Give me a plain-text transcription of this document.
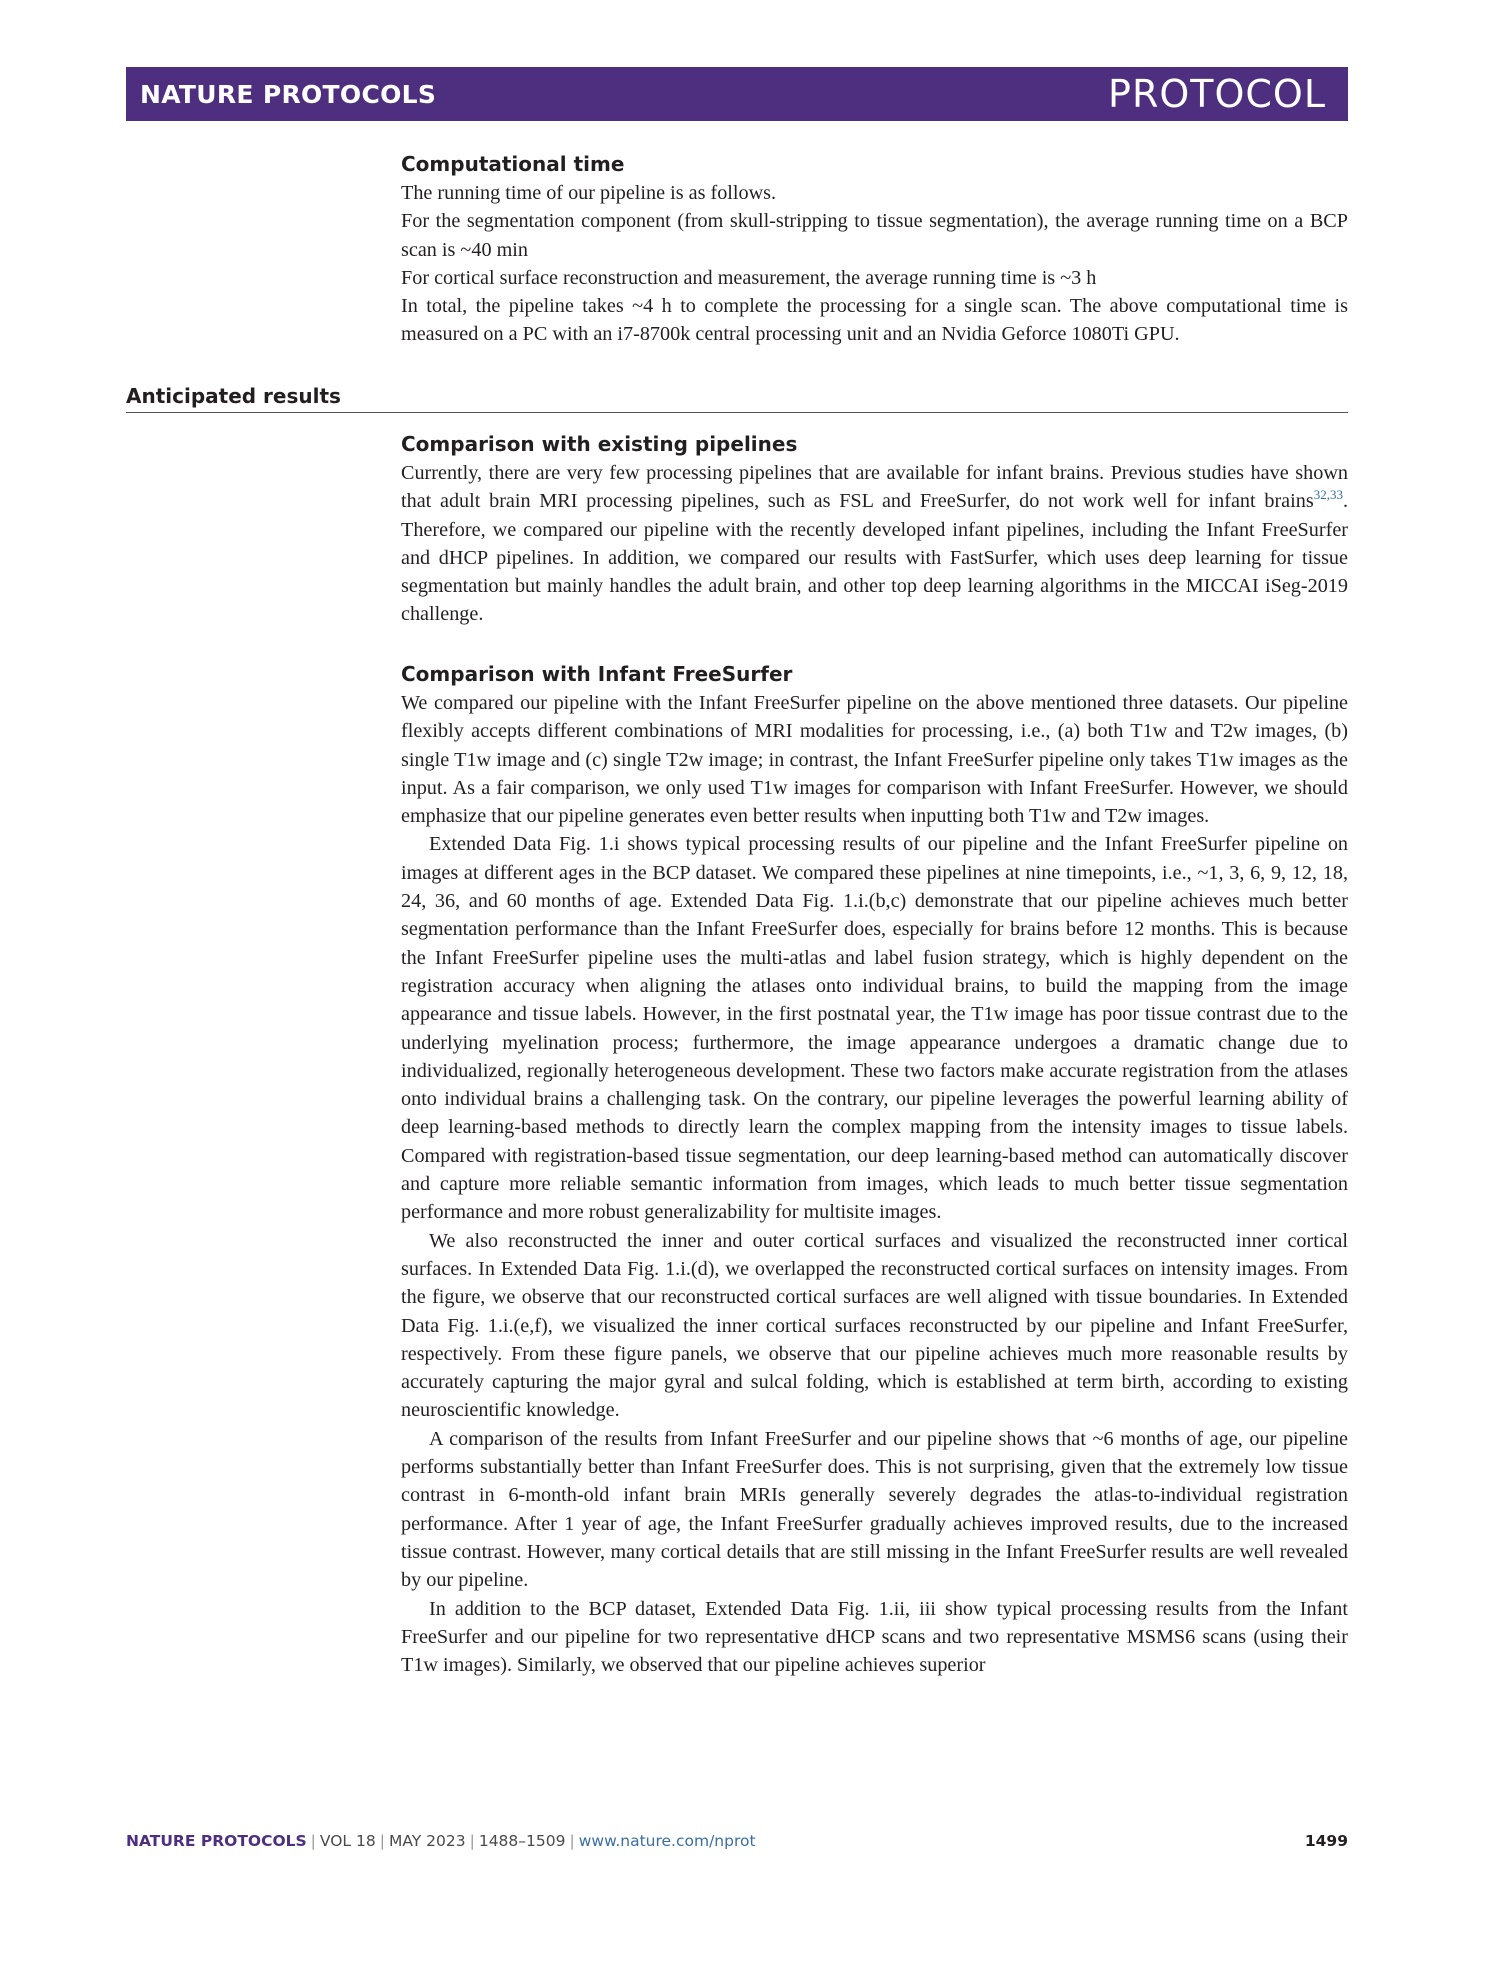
NATURE PROTOCOLS	PROTOCOL
Computational time

The running time of our pipeline is as follows.

For the segmentation component (from skull-stripping to tissue segmentation), the average running time on a BCP scan is ~40 min

For cortical surface reconstruction and measurement, the average running time is ~3 h

In total, the pipeline takes ~4 h to complete the processing for a single scan. The above computational time is measured on a PC with an i7-8700k central processing unit and an Nvidia Geforce 1080Ti GPU.

Anticipated results
Comparison with existing pipelines

Currently, there are very few processing pipelines that are available for infant brains. Previous studies have shown that adult brain MRI processing pipelines, such as FSL and FreeSurfer, do not work well for infant brains$^{32,33}$. Therefore, we compared our pipeline with the recently developed infant pipelines, including the Infant FreeSurfer and dHCP pipelines. In addition, we compared our results with FastSurfer, which uses deep learning for tissue segmentation but mainly handles the adult brain, and other top deep learning algorithms in the MICCAI iSeg-2019 challenge.

Comparison with Infant FreeSurfer

We compared our pipeline with the Infant FreeSurfer pipeline on the above mentioned three datasets. Our pipeline flexibly accepts different combinations of MRI modalities for processing, i.e., (a) both T1w and T2w images, (b) single T1w image and (c) single T2w image; in contrast, the Infant FreeSurfer pipeline only takes T1w images as the input. As a fair comparison, we only used T1w images for comparison with Infant FreeSurfer. However, we should emphasize that our pipeline generates even better results when inputting both T1w and T2w images.

Extended Data Fig. 1.i shows typical processing results of our pipeline and the Infant FreeSurfer pipeline on images at different ages in the BCP dataset. We compared these pipelines at nine timepoints, i.e., ~1, 3, 6, 9, 12, 18, 24, 36, and 60 months of age. Extended Data Fig. 1.i.(b,c) demonstrate that our pipeline achieves much better segmentation performance than the Infant FreeSurfer does, especially for brains before 12 months. This is because the Infant FreeSurfer pipeline uses the multi-atlas and label fusion strategy, which is highly dependent on the registration accuracy when aligning the atlases onto individual brains, to build the mapping from the image appearance and tissue labels. However, in the first postnatal year, the T1w image has poor tissue contrast due to the underlying myelination process; furthermore, the image appearance undergoes a dramatic change due to individualized, regionally heterogeneous development. These two factors make accurate registration from the atlases onto individual brains a challenging task. On the contrary, our pipeline leverages the powerful learning ability of deep learning-based methods to directly learn the complex mapping from the intensity images to tissue labels. Compared with registration-based tissue segmentation, our deep learning-based method can automatically discover and capture more reliable semantic information from images, which leads to much better tissue segmentation performance and more robust generalizability for multisite images.

We also reconstructed the inner and outer cortical surfaces and visualized the reconstructed inner cortical surfaces. In Extended Data Fig. 1.i.(d), we overlapped the reconstructed cortical surfaces on intensity images. From the figure, we observe that our reconstructed cortical surfaces are well aligned with tissue boundaries. In Extended Data Fig. 1.i.(e,f), we visualized the inner cortical surfaces reconstructed by our pipeline and Infant FreeSurfer, respectively. From these figure panels, we observe that our pipeline achieves much more reasonable results by accurately capturing the major gyral and sulcal folding, which is established at term birth, according to existing neuroscientific knowledge.

A comparison of the results from Infant FreeSurfer and our pipeline shows that ~6 months of age, our pipeline performs substantially better than Infant FreeSurfer does. This is not surprising, given that the extremely low tissue contrast in 6-month-old infant brain MRIs generally severely degrades the atlas-to-individual registration performance. After 1 year of age, the Infant FreeSurfer gradually achieves improved results, due to the increased tissue contrast. However, many cortical details that are still missing in the Infant FreeSurfer results are well revealed by our pipeline.

In addition to the BCP dataset, Extended Data Fig. 1.ii, iii show typical processing results from the Infant FreeSurfer and our pipeline for two representative dHCP scans and two representative MSMS6 scans (using their T1w images). Similarly, we observed that our pipeline achieves superior

NATURE PROTOCOLS | VOL 18 | MAY 2023 | 1488–1509 | www.nature.com/nprot	1499
